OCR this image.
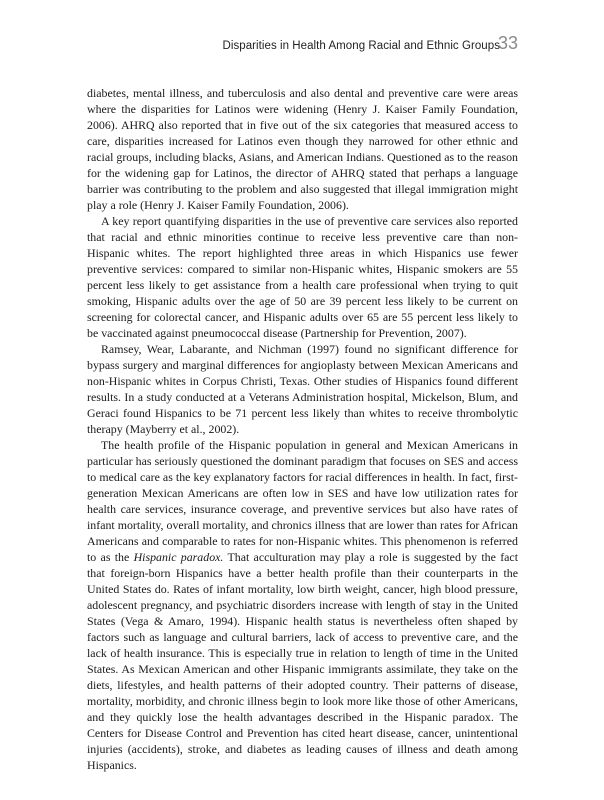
Disparities in Health Among Racial and Ethnic Groups
33

diabetes, mental illness, and tuberculosis and also dental and preventive care were areas where the disparities for Latinos were widening (Henry J. Kaiser Family Foundation, 2006). AHRQ also reported that in five out of the six categories that measured access to care, disparities increased for Latinos even though they narrowed for other ethnic and racial groups, including blacks, Asians, and American Indians. Questioned as to the reason for the widening gap for Latinos, the director of AHRQ stated that perhaps a language barrier was contributing to the problem and also suggested that illegal immigration might play a role (Henry J. Kaiser Family Foundation, 2006).

A key report quantifying disparities in the use of preventive care services also reported that racial and ethnic minorities continue to receive less preventive care than non-Hispanic whites. The report highlighted three areas in which Hispanics use fewer preventive services: compared to similar non-Hispanic whites, Hispanic smokers are 55 percent less likely to get assistance from a health care professional when trying to quit smoking, Hispanic adults over the age of 50 are 39 percent less likely to be current on screening for colorectal cancer, and Hispanic adults over 65 are 55 percent less likely to be vaccinated against pneumococcal disease (Partnership for Prevention, 2007).

Ramsey, Wear, Labarante, and Nichman (1997) found no significant difference for bypass surgery and marginal differences for angioplasty between Mexican Americans and non-Hispanic whites in Corpus Christi, Texas. Other studies of Hispanics found different results. In a study conducted at a Veterans Administration hospital, Mickelson, Blum, and Geraci found Hispanics to be 71 percent less likely than whites to receive thrombolytic therapy (Mayberry et al., 2002).

The health profile of the Hispanic population in general and Mexican Americans in particular has seriously questioned the dominant paradigm that focuses on SES and access to medical care as the key explanatory factors for racial differences in health. In fact, first-generation Mexican Americans are often low in SES and have low utilization rates for health care services, insurance coverage, and preventive services but also have rates of infant mortality, overall mortality, and chronics illness that are lower than rates for African Americans and comparable to rates for non-Hispanic whites. This phenomenon is referred to as the Hispanic paradox. That acculturation may play a role is suggested by the fact that foreign-born Hispanics have a better health profile than their counterparts in the United States do. Rates of infant mortality, low birth weight, cancer, high blood pressure, adolescent pregnancy, and psychiatric disorders increase with length of stay in the United States (Vega & Amaro, 1994). Hispanic health status is nevertheless often shaped by factors such as language and cultural barriers, lack of access to preventive care, and the lack of health insurance. This is especially true in relation to length of time in the United States. As Mexican American and other Hispanic immigrants assimilate, they take on the diets, lifestyles, and health patterns of their adopted country. Their patterns of disease, mortality, morbidity, and chronic illness begin to look more like those of other Americans, and they quickly lose the health advantages described in the Hispanic paradox. The Centers for Disease Control and Prevention has cited heart disease, cancer, unintentional injuries (accidents), stroke, and diabetes as leading causes of illness and death among Hispanics.
